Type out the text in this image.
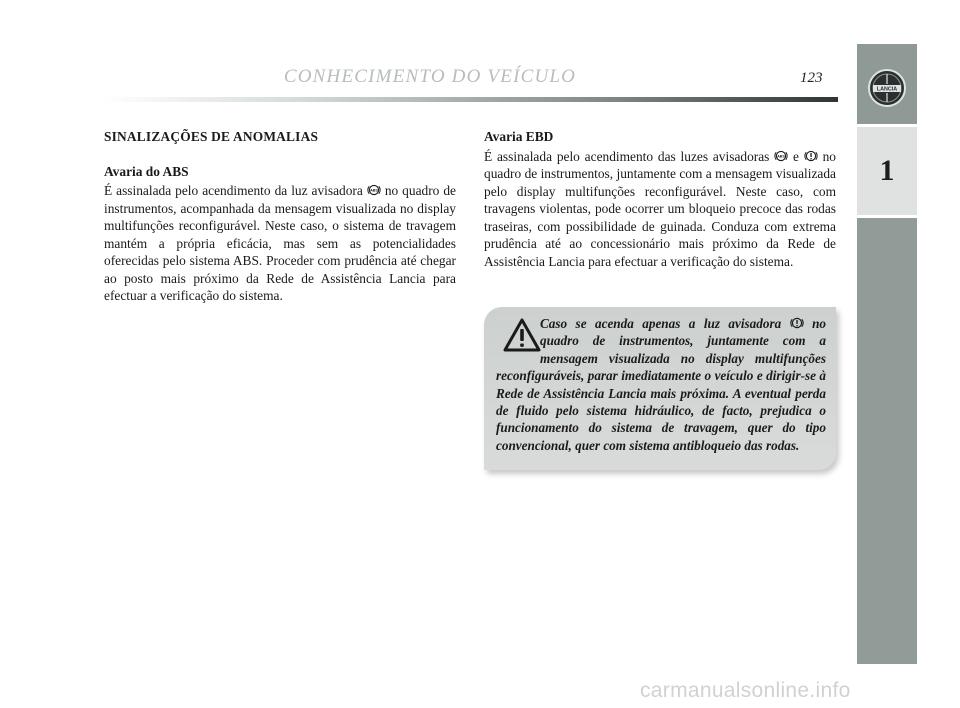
CONHECIMENTO DO VEÍCULO	123
LANCIA
1
SINALIZAÇÕES DE ANOMALIAS
Avaria do ABS

É assinalada pelo acendimento da luz avisadora ABS no quadro de instrumentos, acompanhada da mensagem visualizada no display multifunções reconfigurável. Neste caso, o sistema de travagem mantém a própria eficácia, mas sem as potencialidades oferecidas pelo sistema ABS. Proceder com prudência até chegar ao posto mais próximo da Rede de Assistência Lancia para efectuar a verificação do sistema.

Avaria EBD

É assinalada pelo acendimento das luzes avisadoras ABS e no quadro de instrumentos, juntamente com a mensagem visualizada pelo display multifunções reconfigurável. Neste caso, com travagens violentas, pode ocorrer um bloqueio precoce das rodas traseiras, com possibilidade de guinada. Conduza com extrema prudência até ao concessionário mais próximo da Rede de Assistência Lancia para efectuar a verificação do sistema.

Caso se acenda apenas a luz avisadora no quadro de instrumentos, juntamente com a mensagem visualizada no display multifunções reconfiguráveis, parar imediatamente o veículo e dirigir-se à Rede de Assistência Lancia mais próxima. A eventual perda de fluido pelo sistema hidráulico, de facto, prejudica o funcionamento do sistema de travagem, quer do tipo convencional, quer com sistema antibloqueio das rodas.
carmanualsonline.info
